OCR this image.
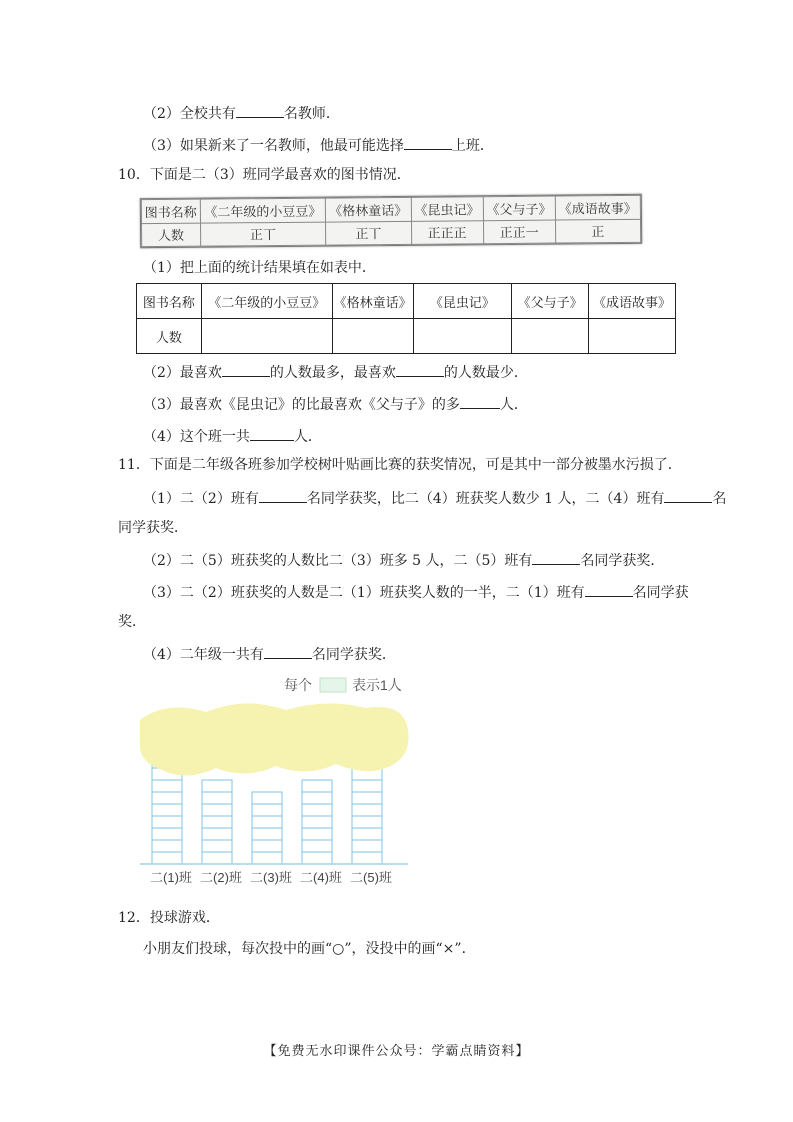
（2）全校共有	名教师．
（3）如果新来了一名教师，他最可能选择	上班．
10．下面是二（3）班同学最喜欢的图书情况．
图书名称	《二年级的小豆豆》	《格林童话》	《昆虫记》	《父与子》	《成语故事》
人数	正丅	正丅	正正正	正正一	正
（1）把上面的统计结果填在如表中．
图书名称	《二年级的小豆豆》	《格林童话》	《昆虫记》	《父与子》	《成语故事》
人数					
（2）最喜欢	的人数最多，最喜欢	的人数最少．
（3）最喜欢《昆虫记》的比最喜欢《父与子》的多	人．
（4）这个班一共	人．
11．下面是二年级各班参加学校树叶贴画比赛的获奖情况，可是其中一部分被墨水污损了．
（1）二（2）班有	名同学获奖，比二（4）班获奖人数少 1 人，二（4）班有	名
同学获奖．
（2）二（5）班获奖的人数比二（3）班多 5 人，二（5）班有	名同学获奖．
（3）二（2）班获奖的人数是二（1）班获奖人数的一半，二（1）班有	名同学获
奖．
（4）二年级一共有	名同学获奖．
每个	表示1人
二(1)班 二(2)班 二(3)班 二(4)班 二(5)班
12．投球游戏．
小朋友们投球，每次投中的画“○”，没投中的画“×”．
【免费无水印课件公众号：学霸点睛资料】
